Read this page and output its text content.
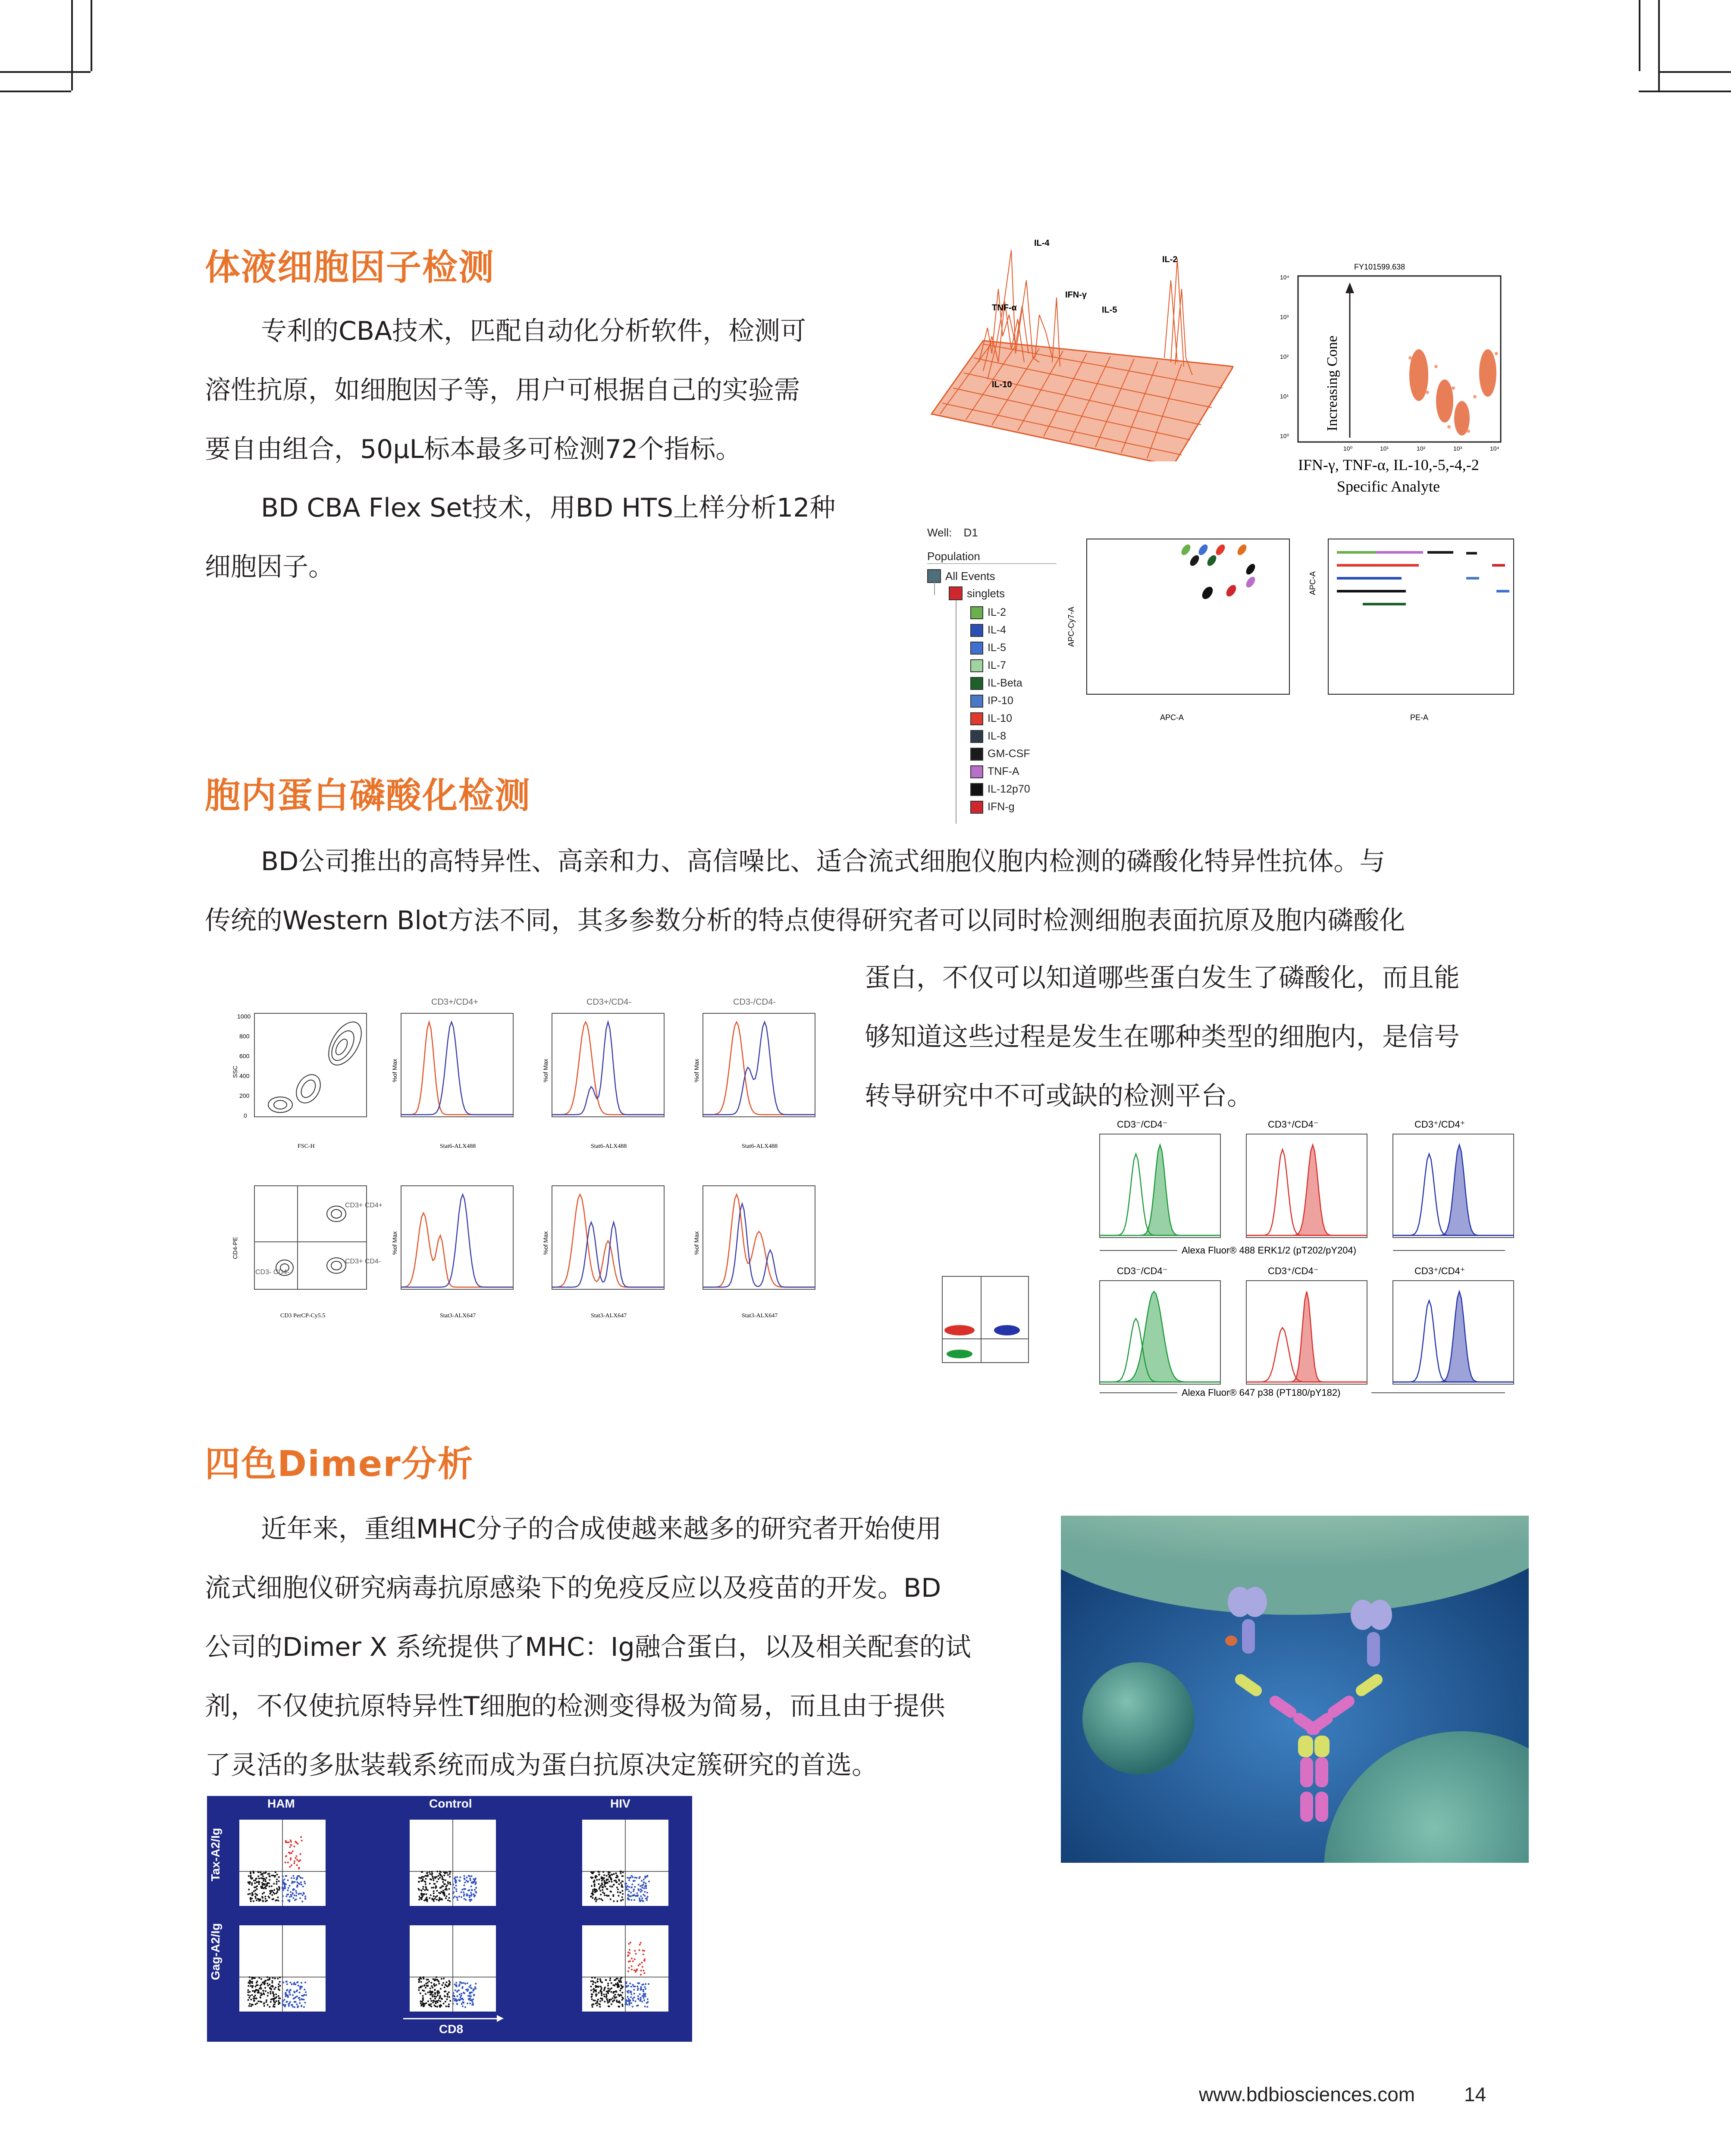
体液细胞因子检测
专利的CBA技术，匹配自动化分析软件，检测可
溶性抗原，如细胞因子等，用户可根据自己的实验需
要自由组合，50μL标本最多可检测72个指标。
BD CBA Flex Set技术，用BD HTS上样分析12种
细胞因子。
IL-4
IL-2
IFN-γ
TNF-α	IL-5
IL-10
FY101599.638
Increasing Cone
10⁴
10³
10²
10¹
10⁰
10⁰	10¹	10²	10³	10⁴
IFN-γ, TNF-α, IL-10,-5,-4,-2
Specific Analyte
Well: D1
Population
All Events
singlets
IL-2
IL-4
IL-5
IL-7
IL-Beta
IP-10
IL-10
IL-8
GM-CSF
TNF-A
IL-12p70
IFN-g
APC-A
APC-Cy7-A
PE-A
APC-A
胞内蛋白磷酸化检测
BD公司推出的高特异性、高亲和力、高信噪比、适合流式细胞仪胞内检测的磷酸化特异性抗体。与
传统的Western Blot方法不同，其多参数分析的特点使得研究者可以同时检测细胞表面抗原及胞内磷酸化
蛋白，不仅可以知道哪些蛋白发生了磷酸化，而且能
够知道这些过程是发生在哪种类型的细胞内，是信号
转导研究中不可或缺的检测平台。
1000
800
600
400
200
0
SSC
FSC-H
CD3+ CD4+
CD3- CD4-
CD3+ CD4-
CD4-PE
CD3 PerCP-Cy5.5
%of Max	%of Max	%of Max
%of Max	%of Max	%of Max
CD3+/CD4+	CD3+/CD4-	CD3-/CD4-
Stat6-ALX488	Stat6-ALX488	Stat6-ALX488
Stat3-ALX647	Stat3-ALX647	Stat3-ALX647
CD3⁻/CD4⁻	CD3⁺/CD4⁻	CD3⁺/CD4⁺
CD3⁻/CD4⁻	CD3⁺/CD4⁻	CD3⁺/CD4⁺
Alexa Fluor® 488 ERK1/2 (pT202/pY204)
Alexa Fluor® 647 p38 (PT180/pY182)
四色Dimer分析
近年来，重组MHC分子的合成使越来越多的研究者开始使用
流式细胞仪研究病毒抗原感染下的免疫反应以及疫苗的开发。BD
公司的Dimer X 系统提供了MHC：Ig融合蛋白，以及相关配套的试
剂，不仅使抗原特异性T细胞的检测变得极为简易，而且由于提供
了灵活的多肽装载系统而成为蛋白抗原决定簇研究的首选。
HAM	Control	HIV
Tax-A2/Ig
Gag-A2/Ig
CD8
www.bdbiosciences.com 14
